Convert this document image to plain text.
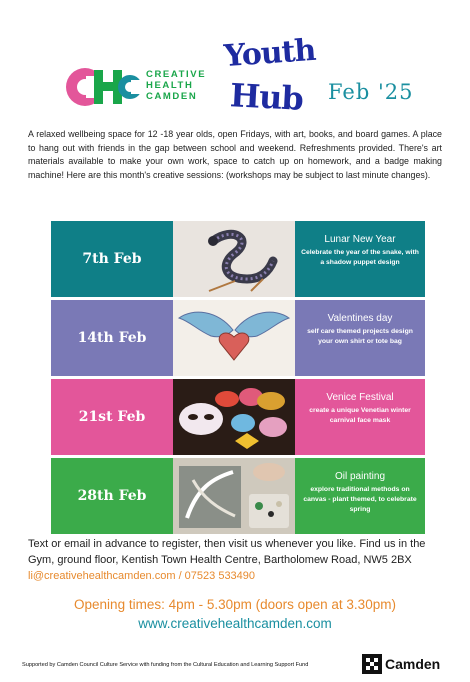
CREATIVE
HEALTH
CAMDEN
Youth
Hub Feb '25

A relaxed wellbeing space for 12 -18 year olds, open Fridays, with art, books, and board games. A place to hang out with friends in the gap between school and weekend. Refreshments provided. There's art materials available to make your own work, space to catch up on homework, and a badge making machine! Here are this month's creative sessions: (workshops may be subject to last minute changes).

7th Feb
Lunar New Year
Celebrate the year of the snake, with a shadow puppet design
14th Feb
Valentines day
self care themed projects design your own shirt or tote bag
21st Feb
Venice Festival
create a unique Venetian winter carnival face mask
28th Feb
Oil painting
explore traditional methods on canvas - plant themed, to celebrate spring

Text or email in advance to register, then visit us whenever you like. Find us in the Gym, ground floor, Kentish Town Health Centre, Bartholomew Road, NW5 2BX li@creativehealthcamden.com / 07523 533490

Opening times: 4pm - 5.30pm (doors open at 3.30pm)
www.creativehealthcamden.com
Supported by Camden Council Culture Service with funding from the Cultural Education and Learning Support Fund	Camden
